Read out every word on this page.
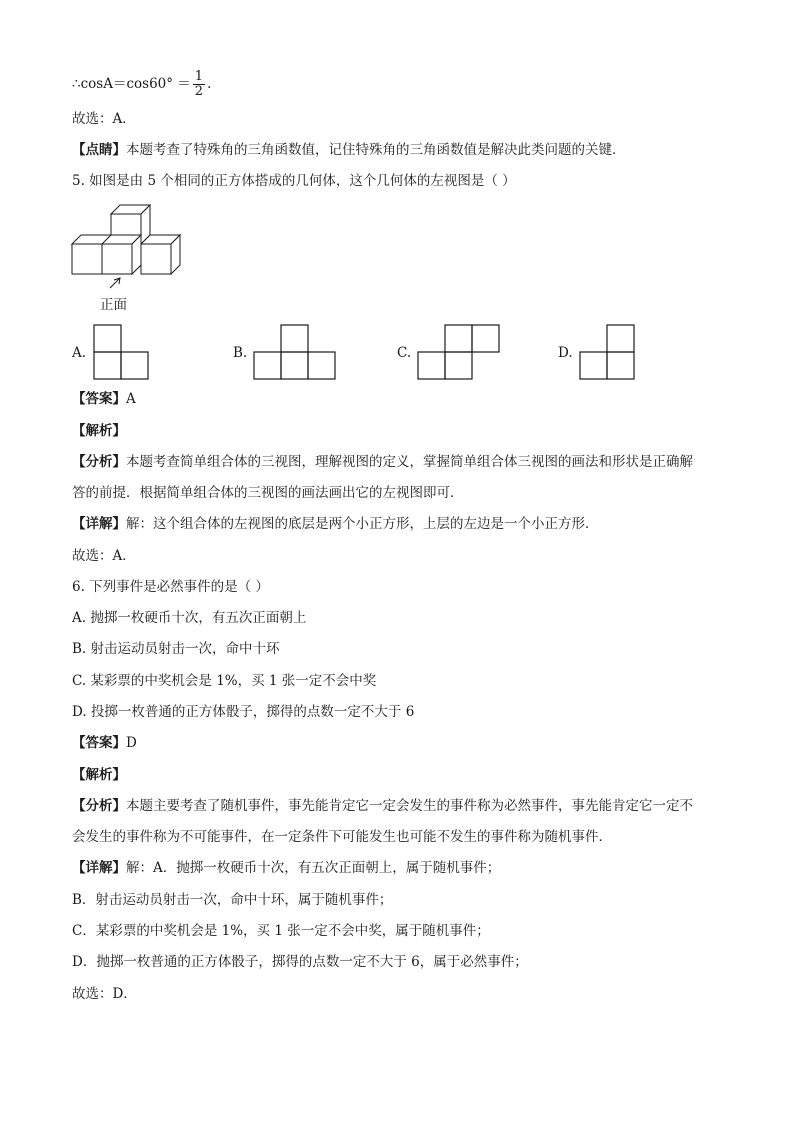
∴cosA＝cos60° ＝ $\frac{1}{2}$ .
故选：A．
【点睛】本题考查了特殊角的三角函数值，记住特殊角的三角函数值是解决此类问题的关键．
5. 如图是由 5 个相同的正方体搭成的几何体，这个几何体的左视图是（ ）
正面
A.	B.	C.	D.
【答案】A
【解析】
【分析】本题考查简单组合体的三视图，理解视图的定义，掌握简单组合体三视图的画法和形状是正确解
答的前提．根据简单组合体的三视图的画法画出它的左视图即可．
【详解】解：这个组合体的左视图的底层是两个小正方形，上层的左边是一个小正方形．
故选：A．
6. 下列事件是必然事件的是（ ）
A. 抛掷一枚硬币十次，有五次正面朝上
B. 射击运动员射击一次，命中十环
C. 某彩票的中奖机会是 1%，买 1 张一定不会中奖
D. 投掷一枚普通的正方体骰子，掷得的点数一定不大于 6
【答案】D
【解析】
【分析】本题主要考查了随机事件，事先能肯定它一定会发生的事件称为必然事件，事先能肯定它一定不
会发生的事件称为不可能事件，在一定条件下可能发生也可能不发生的事件称为随机事件．
【详解】解：A．抛掷一枚硬币十次，有五次正面朝上，属于随机事件；
B．射击运动员射击一次，命中十环，属于随机事件；
C．某彩票的中奖机会是 1%，买 1 张一定不会中奖，属于随机事件；
D．抛掷一枚普通的正方体骰子，掷得的点数一定不大于 6，属于必然事件；
故选：D．
